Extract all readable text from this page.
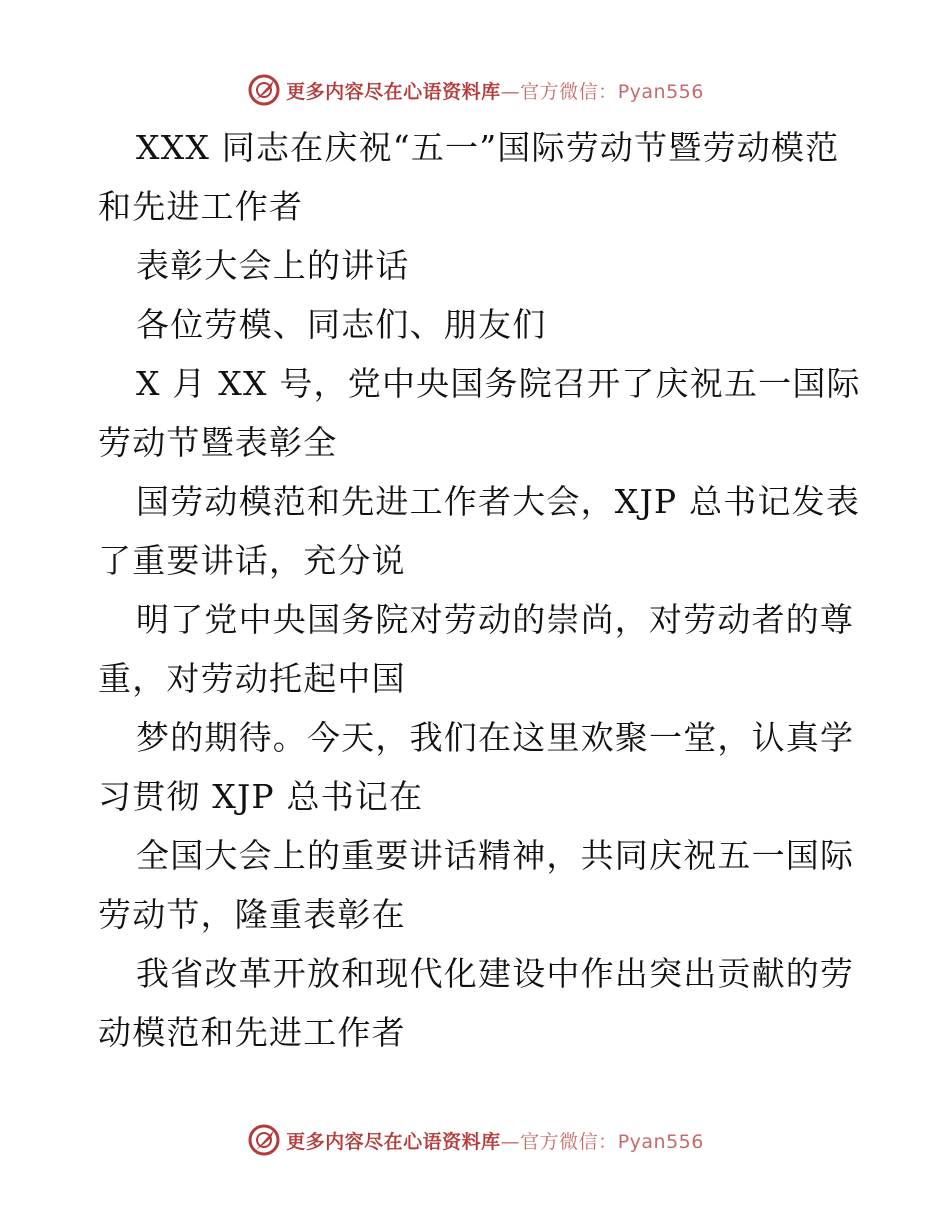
更多内容尽在心语资料库—官方微信：Pyan556
XXX 同志在庆祝“五一”国际劳动节暨劳动模范
和先进工作者
表彰大会上的讲话
各位劳模、同志们、朋友们
X 月 XX 号，党中央国务院召开了庆祝五一国际
劳动节暨表彰全
国劳动模范和先进工作者大会，XJP 总书记发表
了重要讲话，充分说
明了党中央国务院对劳动的崇尚，对劳动者的尊
重，对劳动托起中国
梦的期待。今天，我们在这里欢聚一堂，认真学
习贯彻 XJP 总书记在
全国大会上的重要讲话精神，共同庆祝五一国际
劳动节，隆重表彰在
我省改革开放和现代化建设中作出突出贡献的劳
动模范和先进工作者
更多内容尽在心语资料库—官方微信：Pyan556
